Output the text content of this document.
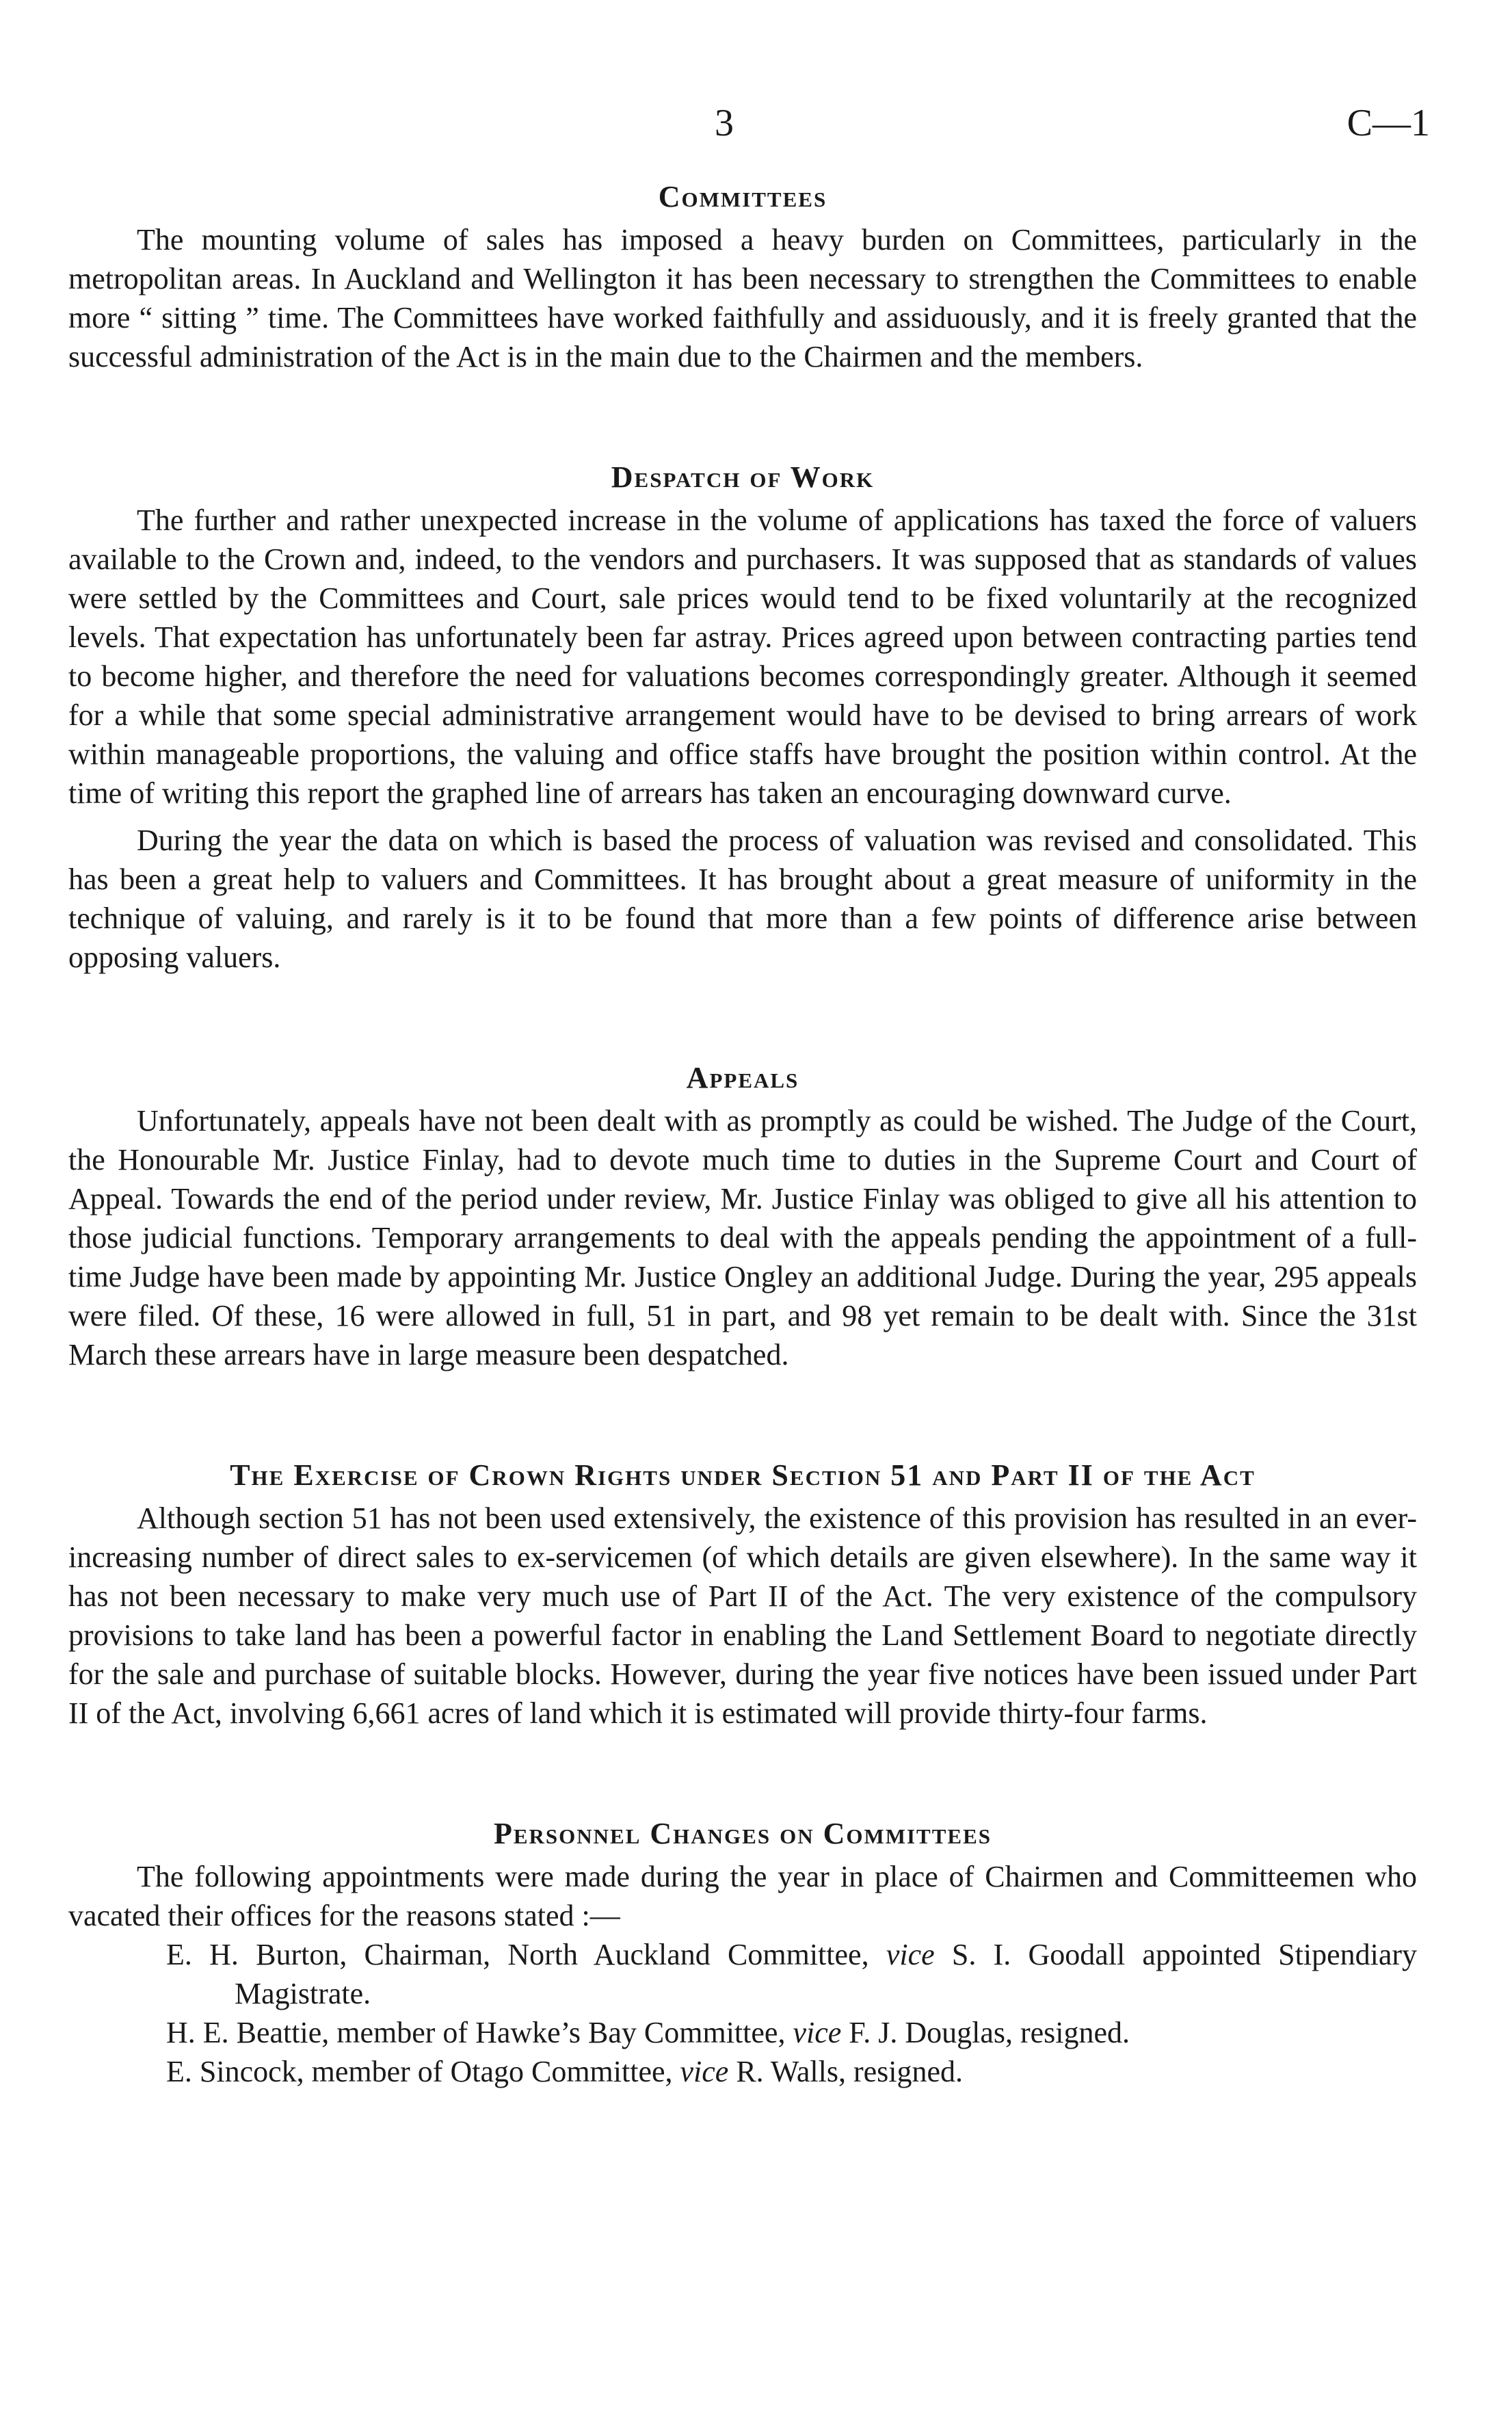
3	C—1
Committees

The mounting volume of sales has imposed a heavy burden on Committees, particularly in the metropolitan areas. In Auckland and Wellington it has been necessary to strengthen the Committees to enable more “ sitting ” time. The Committees have worked faithfully and assiduously, and it is freely granted that the successful administration of the Act is in the main due to the Chairmen and the members.

Despatch of Work

The further and rather unexpected increase in the volume of applications has taxed the force of valuers available to the Crown and, indeed, to the vendors and purchasers. It was supposed that as standards of values were settled by the Committees and Court, sale prices would tend to be fixed voluntarily at the recognized levels. That expectation has unfortunately been far astray. Prices agreed upon between contracting parties tend to become higher, and therefore the need for valuations becomes correspondingly greater. Although it seemed for a while that some special administrative arrangement would have to be devised to bring arrears of work within manageable proportions, the valuing and office staffs have brought the position within control. At the time of writing this report the graphed line of arrears has taken an encouraging downward curve.

During the year the data on which is based the process of valuation was revised and consolidated. This has been a great help to valuers and Committees. It has brought about a great measure of uniformity in the technique of valuing, and rarely is it to be found that more than a few points of difference arise between opposing valuers.

Appeals

Unfortunately, appeals have not been dealt with as promptly as could be wished. The Judge of the Court, the Honourable Mr. Justice Finlay, had to devote much time to duties in the Supreme Court and Court of Appeal. Towards the end of the period under review, Mr. Justice Finlay was obliged to give all his attention to those judicial functions. Temporary arrangements to deal with the appeals pending the appointment of a full-time Judge have been made by appointing Mr. Justice Ongley an additional Judge. During the year, 295 appeals were filed. Of these, 16 were allowed in full, 51 in part, and 98 yet remain to be dealt with. Since the 31st March these arrears have in large measure been despatched.

The Exercise of Crown Rights under Section 51 and Part II of the Act

Although section 51 has not been used extensively, the existence of this provision has resulted in an ever-increasing number of direct sales to ex-servicemen (of which details are given elsewhere). In the same way it has not been necessary to make very much use of Part II of the Act. The very existence of the compulsory provisions to take land has been a powerful factor in enabling the Land Settlement Board to negotiate directly for the sale and purchase of suitable blocks. However, during the year five notices have been issued under Part II of the Act, involving 6,661 acres of land which it is estimated will provide thirty-four farms.

Personnel Changes on Committees

The following appointments were made during the year in place of Chairmen and Committeemen who vacated their offices for the reasons stated :—

E. H. Burton, Chairman, North Auckland Committee, vice S. I. Goodall appointed Stipendiary Magistrate.

H. E. Beattie, member of Hawke’s Bay Committee, vice F. J. Douglas, resigned.

E. Sincock, member of Otago Committee, vice R. Walls, resigned.
